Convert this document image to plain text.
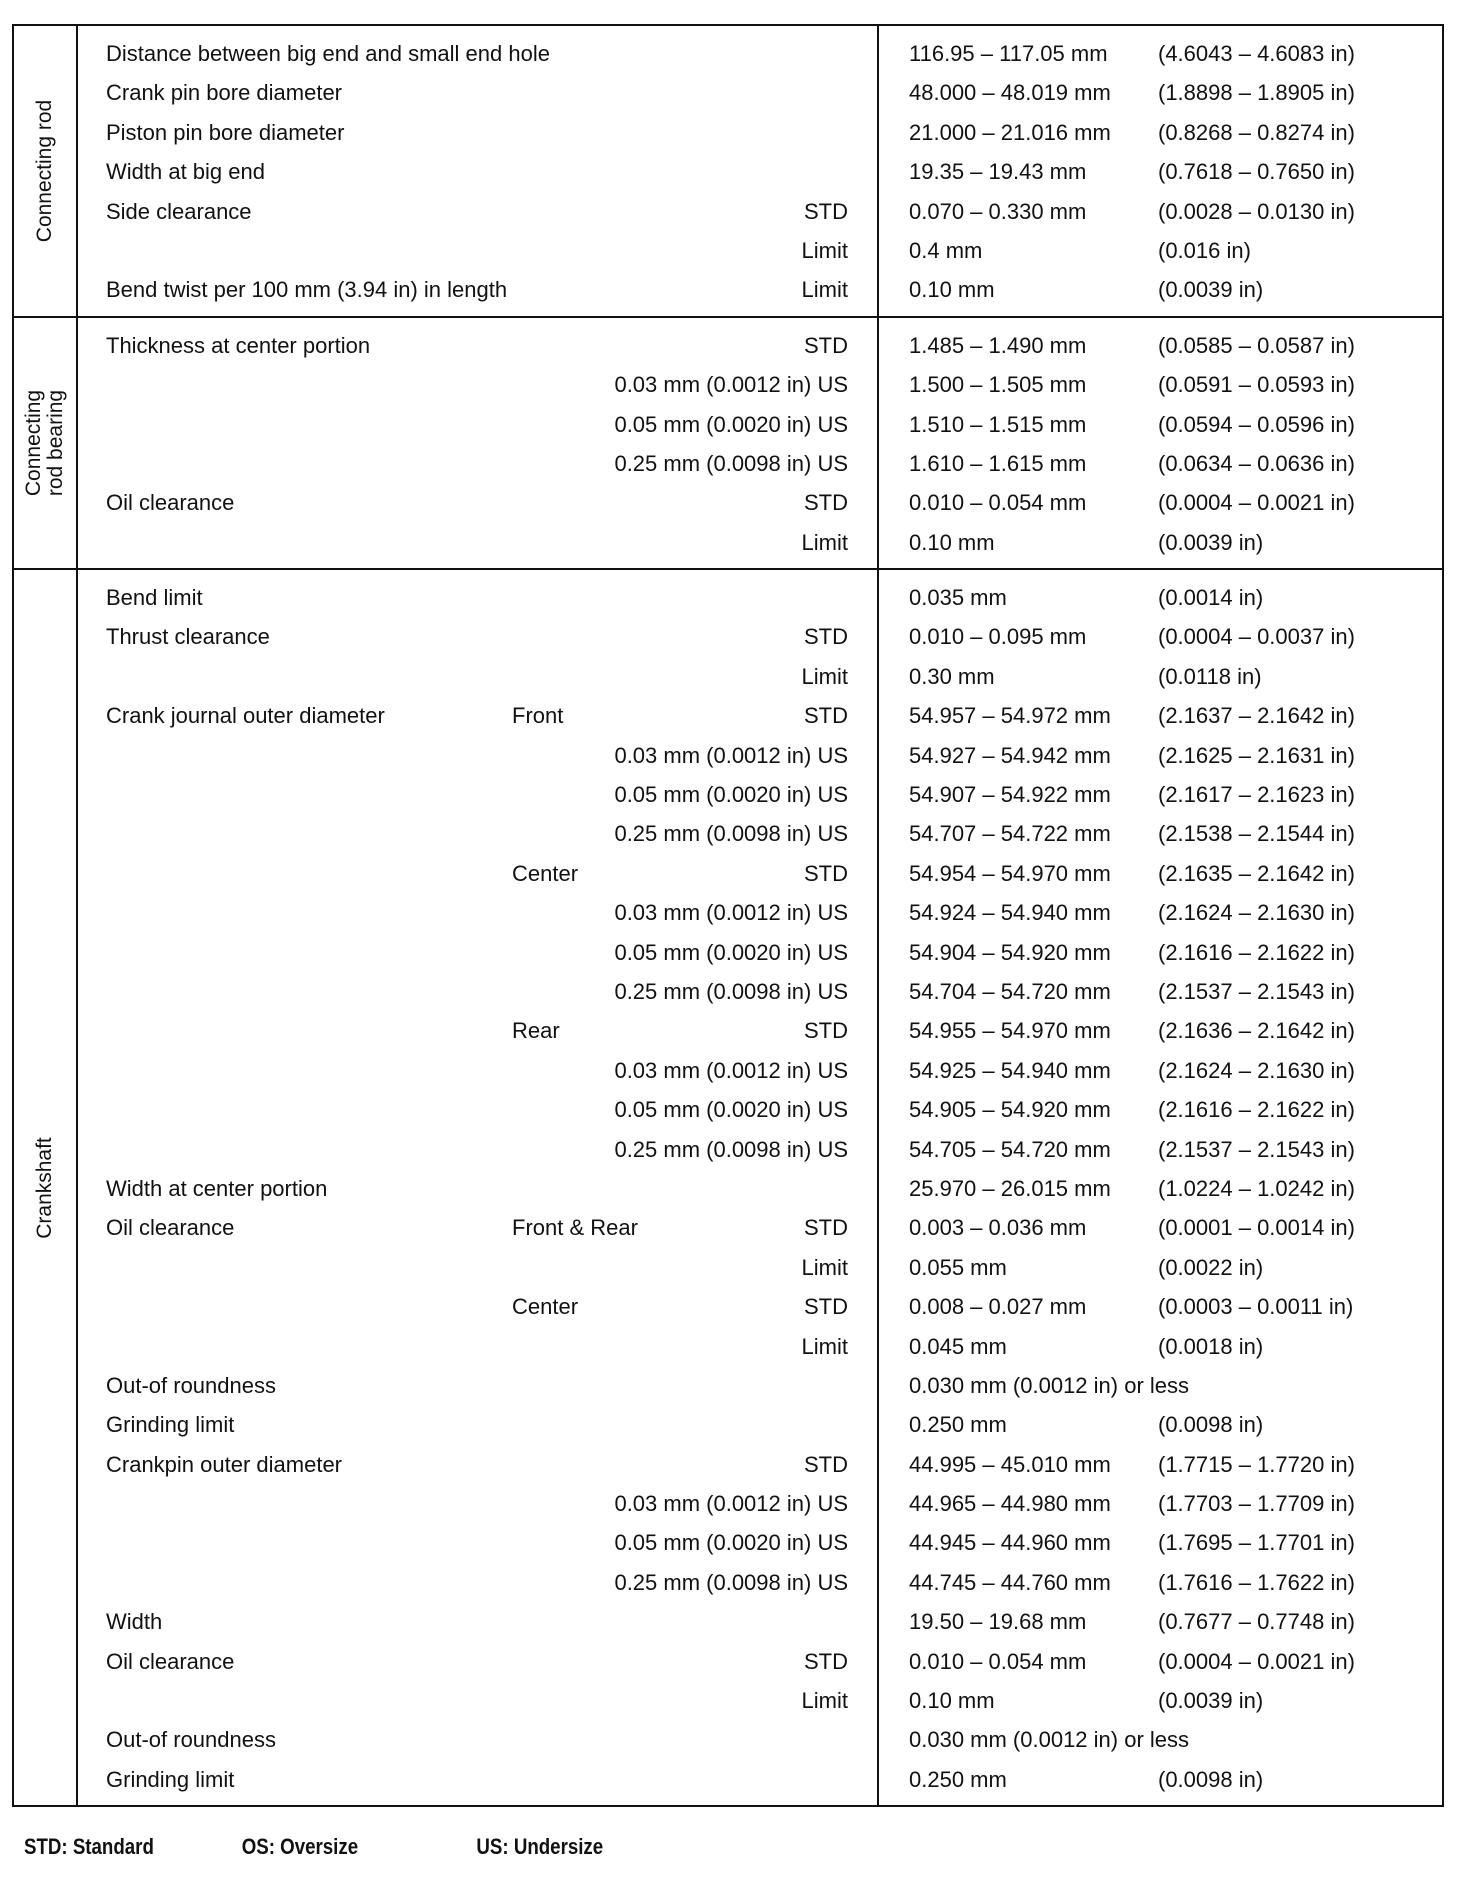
Connecting rod
Distance between big end and small end hole	116.95 – 117.05 mm (4.6043 – 4.6083 in)
Crank pin bore diameter	48.000 – 48.019 mm (1.8898 – 1.8905 in)
Piston pin bore diameter	21.000 – 21.016 mm (0.8268 – 0.8274 in)
Width at big end	19.35 – 19.43 mm	(0.7618 – 0.7650 in)
Side clearance	STD	0.070 – 0.330 mm	(0.0028 – 0.0130 in)
Limit	0.4 mm	(0.016 in)
Bend twist per 100 mm (3.94 in) in length	Limit	0.10 mm	(0.0039 in)
Connecting
rod bearing
Thickness at center portion	STD	1.485 – 1.490 mm	(0.0585 – 0.0587 in)
0.03 mm (0.0012 in) US	1.500 – 1.505 mm	(0.0591 – 0.0593 in)
0.05 mm (0.0020 in) US	1.510 – 1.515 mm	(0.0594 – 0.0596 in)
0.25 mm (0.0098 in) US	1.610 – 1.615 mm	(0.0634 – 0.0636 in)
Oil clearance	STD	0.010 – 0.054 mm	(0.0004 – 0.0021 in)
Limit	0.10 mm	(0.0039 in)
Crankshaft
Bend limit	0.035 mm	(0.0014 in)
Thrust clearance	STD	0.010 – 0.095 mm	(0.0004 – 0.0037 in)
Limit	0.30 mm	(0.0118 in)
Crank journal outer diameter	Front	STD	54.957 – 54.972 mm (2.1637 – 2.1642 in)
0.03 mm (0.0012 in) US	54.927 – 54.942 mm (2.1625 – 2.1631 in)
0.05 mm (0.0020 in) US	54.907 – 54.922 mm (2.1617 – 2.1623 in)
0.25 mm (0.0098 in) US	54.707 – 54.722 mm (2.1538 – 2.1544 in)
Center	STD	54.954 – 54.970 mm (2.1635 – 2.1642 in)
0.03 mm (0.0012 in) US	54.924 – 54.940 mm (2.1624 – 2.1630 in)
0.05 mm (0.0020 in) US	54.904 – 54.920 mm (2.1616 – 2.1622 in)
0.25 mm (0.0098 in) US	54.704 – 54.720 mm (2.1537 – 2.1543 in)
Rear	STD	54.955 – 54.970 mm (2.1636 – 2.1642 in)
0.03 mm (0.0012 in) US	54.925 – 54.940 mm (2.1624 – 2.1630 in)
0.05 mm (0.0020 in) US	54.905 – 54.920 mm (2.1616 – 2.1622 in)
0.25 mm (0.0098 in) US	54.705 – 54.720 mm (2.1537 – 2.1543 in)
Width at center portion	25.970 – 26.015 mm (1.0224 – 1.0242 in)
Oil clearance	Front & Rear	STD	0.003 – 0.036 mm	(0.0001 – 0.0014 in)
Limit	0.055 mm	(0.0022 in)
Center	STD	0.008 – 0.027 mm	(0.0003 – 0.0011 in)
Limit	0.045 mm	(0.0018 in)
Out-of roundness	0.030 mm (0.0012 in) or less
Grinding limit	0.250 mm	(0.0098 in)
Crankpin outer diameter	STD	44.995 – 45.010 mm (1.7715 – 1.7720 in)
0.03 mm (0.0012 in) US	44.965 – 44.980 mm (1.7703 – 1.7709 in)
0.05 mm (0.0020 in) US	44.945 – 44.960 mm (1.7695 – 1.7701 in)
0.25 mm (0.0098 in) US	44.745 – 44.760 mm (1.7616 – 1.7622 in)
Width	19.50 – 19.68 mm	(0.7677 – 0.7748 in)
Oil clearance	STD	0.010 – 0.054 mm	(0.0004 – 0.0021 in)
Limit	0.10 mm	(0.0039 in)
Out-of roundness	0.030 mm (0.0012 in) or less
Grinding limit	0.250 mm	(0.0098 in)
STD: Standard	OS: Oversize	US: Undersize
